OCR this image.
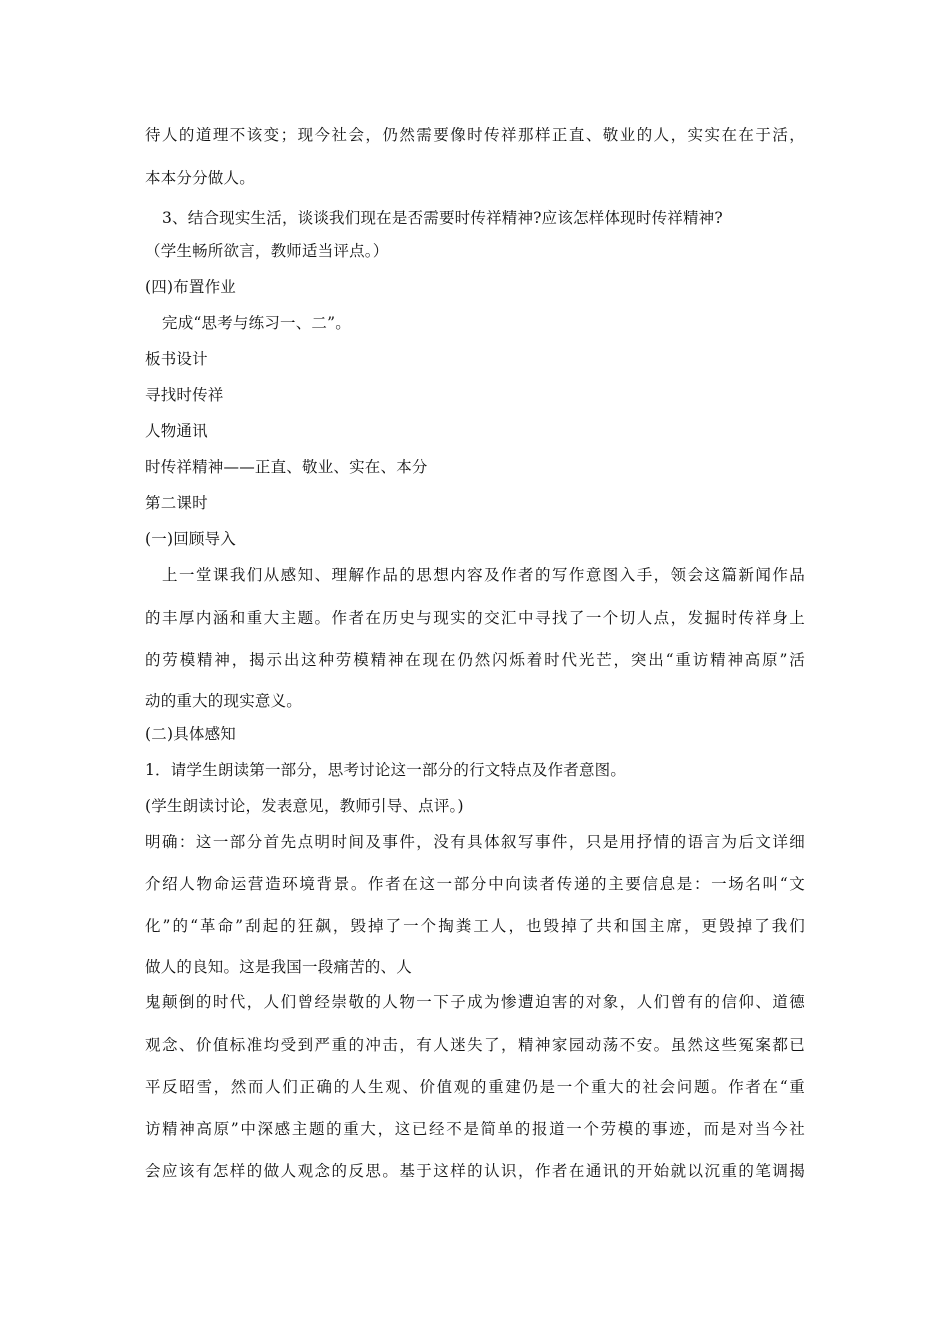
待人的道理不该变；现今社会，仍然需要像时传祥那样正直、敬业的人，实实在在于活，
本本分分做人。
3、结合现实生活，谈谈我们现在是否需要时传祥精神?应该怎样体现时传祥精神?
（学生畅所欲言，教师适当评点。）
(四)布置作业
完成“思考与练习一、二”。
板书设计
寻找时传祥
人物通讯
时传祥精神——正直、敬业、实在、本分
第二课时
(一)回顾导入
上一堂课我们从感知、理解作品的思想内容及作者的写作意图入手，领会这篇新闻作品
的丰厚内涵和重大主题。作者在历史与现实的交汇中寻找了一个切人点，发掘时传祥身上
的劳模精神，揭示出这种劳模精神在现在仍然闪烁着时代光芒，突出“重访精神高原”活
动的重大的现实意义。
(二)具体感知
1．请学生朗读第一部分，思考讨论这一部分的行文特点及作者意图。
(学生朗读讨论，发表意见，教师引导、点评。)
明确：这一部分首先点明时间及事件，没有具体叙写事件，只是用抒情的语言为后文详细
介绍人物命运营造环境背景。作者在这一部分中向读者传递的主要信息是：一场名叫“文
化”的“革命”刮起的狂飙，毁掉了一个掏粪工人，也毁掉了共和国主席，更毁掉了我们
做人的良知。这是我国一段痛苦的、人
鬼颠倒的时代，人们曾经崇敬的人物一下子成为惨遭迫害的对象，人们曾有的信仰、道德
观念、价值标准均受到严重的冲击，有人迷失了，精神家园动荡不安。虽然这些冤案都已
平反昭雪，然而人们正确的人生观、价值观的重建仍是一个重大的社会问题。作者在“重
访精神高原”中深感主题的重大，这已经不是简单的报道一个劳模的事迹，而是对当今社
会应该有怎样的做人观念的反思。基于这样的认识，作者在通讯的开始就以沉重的笔调揭
